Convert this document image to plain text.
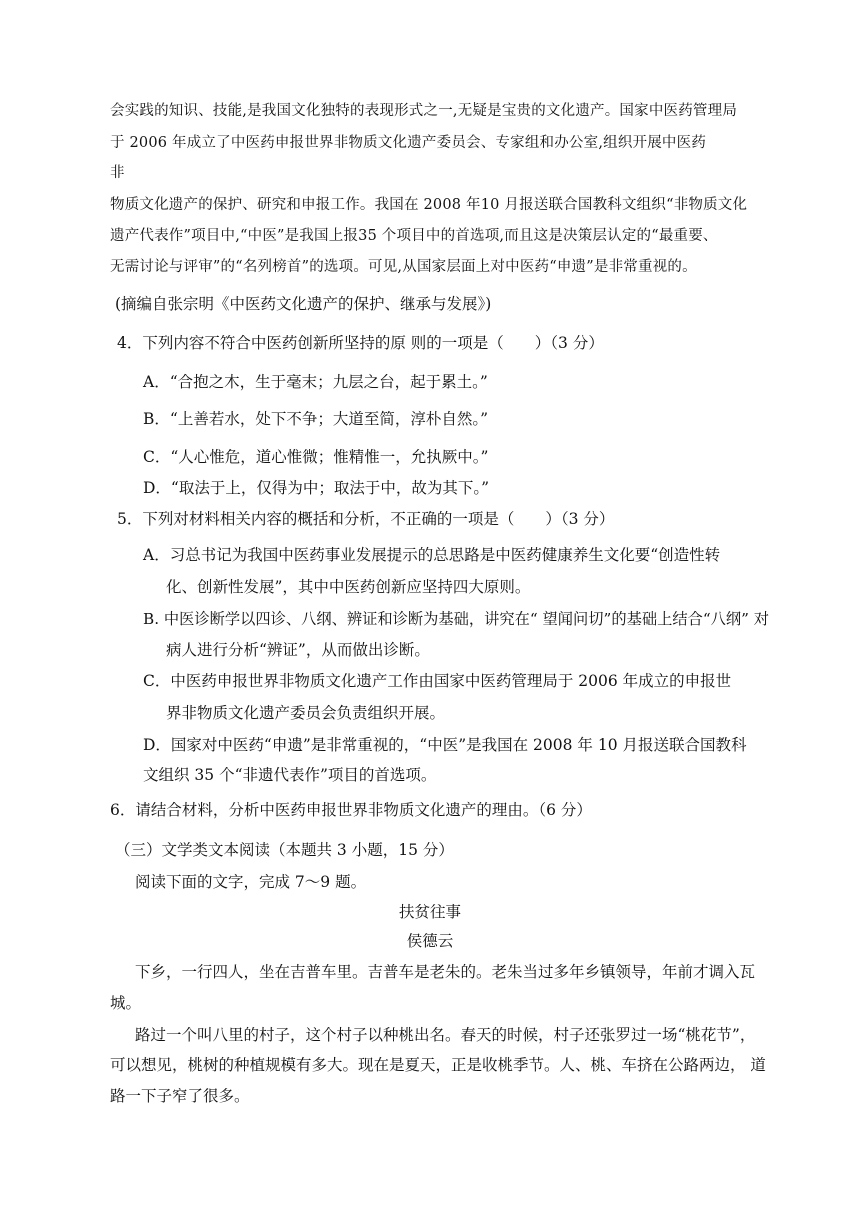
会实践的知识、技能,是我国文化独特的表现形式之一,无疑是宝贵的文化遗产。国家中医药管理局
于 2006 年成立了中医药申报世界非物质文化遗产委员会、专家组和办公室,组织开展中医药
非
物质文化遗产的保护、研究和申报工作。我国在 2008 年10 月报送联合国教科文组织“非物质文化
遗产代表作”项目中,“中医”是我国上报35 个项目中的首选项,而且这是决策层认定的“最重要、
无需讨论与评审”的“名列榜首”的选项。可见,从国家层面上对中医药“申遗”是非常重视的。
(摘编自张宗明《中医药文化遗产的保护、继承与发展》)
4．下列内容不符合中医药创新所坚持的原 则的一项是（　　）（3 分）
A．“合抱之木，生于毫末；九层之台，起于累土。”
B．“上善若水，处下不争；大道至简，淳朴自然。”
C．“人心惟危，道心惟微；惟精惟一，允执厥中。”
D．“取法于上，仅得为中；取法于中，故为其下。”
5．下列对材料相关内容的概括和分析，不正确的一项是（　　）（3 分）
A．习总书记为我国中医药事业发展提示的总思路是中医药健康养生文化要“创造性转
化、创新性发展”，其中中医药创新应坚持四大原则。
B. 中医诊断学以四诊、八纲、辨证和诊断为基础，讲究在“ 望闻问切”的基础上结合“八纲” 对
病人进行分析“辨证”，从而做出诊断。
C．中医药申报世界非物质文化遗产工作由国家中医药管理局于 2006 年成立的申报世
界非物质文化遗产委员会负责组织开展。
D．国家对中医药“申遗”是非常重视的，“中医”是我国在 2008 年 10 月报送联合国教科
文组织 35 个“非遗代表作”项目的首选项。
6．请结合材料，分析中医药申报世界非物质文化遗产的理由。（6 分）
（三）文学类文本阅读（本题共 3 小题，15 分）
阅读下面的文字，完成 7～9 题。
扶贫往事
侯德云
下乡，一行四人，坐在吉普车里。吉普车是老朱的。老朱当过多年乡镇领导，年前才调入瓦
城。
路过一个叫八里的村子，这个村子以种桃出名。春天的时候，村子还张罗过一场“桃花节”，
可以想见，桃树的种植规模有多大。现在是夏天，正是收桃季节。人、桃、车挤在公路两边， 道
路一下子窄了很多。
